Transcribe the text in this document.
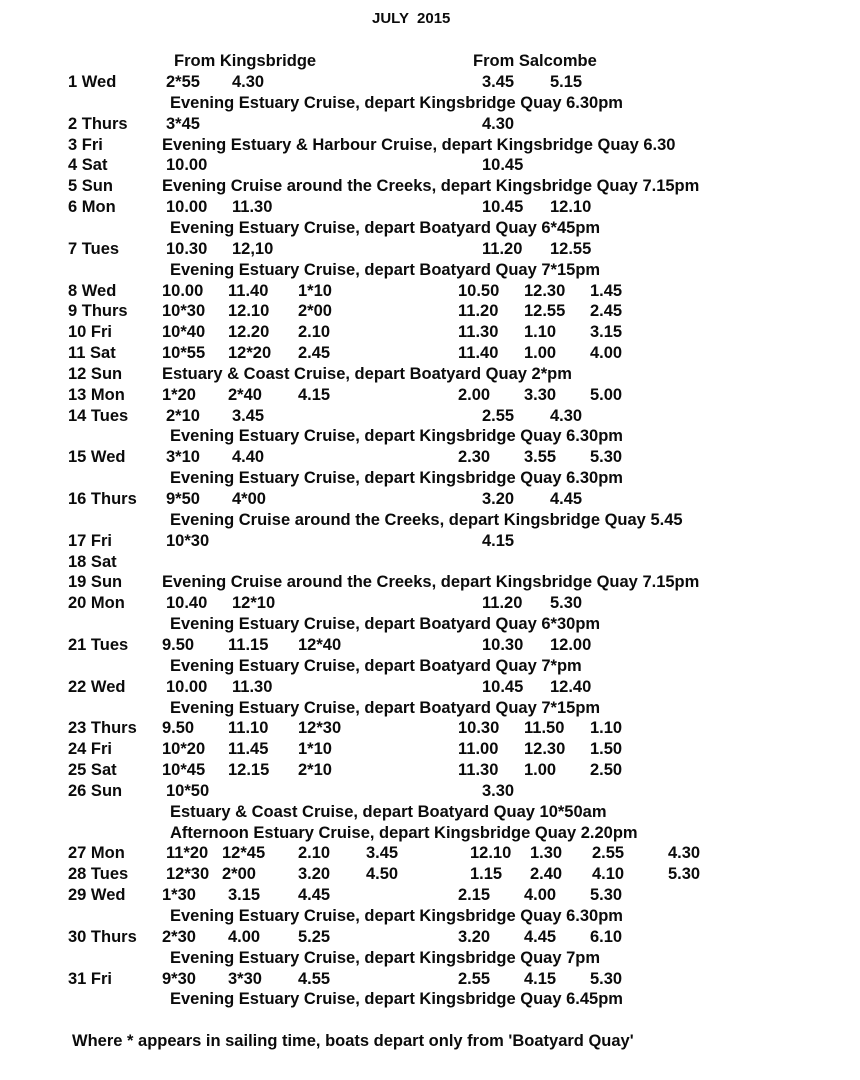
JULY  2015
From Kingsbridge	From Salcombe
1 Wed	2*55 4.30	3.45 5.15
Evening Estuary Cruise, depart Kingsbridge Quay 6.30pm
2 Thurs 3*45	4.30
3 Fri	Evening Estuary & Harbour Cruise, depart Kingsbridge Quay 6.30
4 Sat	10.00	10.45
5 Sun	Evening Cruise around the Creeks, depart Kingsbridge Quay 7.15pm
6 Mon	10.00 11.30	10.45 12.10
Evening Estuary Cruise, depart Boatyard Quay 6*45pm
7 Tues	10.30 12,10	11.20 12.55
Evening Estuary Cruise, depart Boatyard Quay 7*15pm
8 Wed	10.00 11.40 1*10	10.50 12.30 1.45
9 Thurs 10*30 12.10 2*00	11.20 12.55 2.45
10 Fri	10*40 12.20 2.10	11.30 1.10 3.15
11 Sat	10*55 12*20 2.45	11.40 1.00 4.00
12 Sun Estuary & Coast Cruise, depart Boatyard Quay 2*pm
13 Mon 1*20 2*40 4.15	2.00 3.30 5.00
14 Tues 2*10 3.45	2.55 4.30
Evening Estuary Cruise, depart Kingsbridge Quay 6.30pm
15 Wed 3*10 4.40	2.30 3.55 5.30
Evening Estuary Cruise, depart Kingsbridge Quay 6.30pm
16 Thurs 9*50 4*00	3.20 4.45
Evening Cruise around the Creeks, depart Kingsbridge Quay 5.45
17 Fri	10*30	4.15
18 Sat
19 Sun Evening Cruise around the Creeks, depart Kingsbridge Quay 7.15pm
20 Mon 10.40 12*10	11.20 5.30
Evening Estuary Cruise, depart Boatyard Quay 6*30pm
21 Tues 9.50 11.15 12*40	10.30 12.00
Evening Estuary Cruise, depart Boatyard Quay 7*pm
22 Wed 10.00 11.30	10.45 12.40
Evening Estuary Cruise, depart Boatyard Quay 7*15pm
23 Thurs 9.50 11.10 12*30	10.30 11.50 1.10
24 Fri	10*20 11.45 1*10	11.00 12.30 1.50
25 Sat	10*45 12.15 2*10	11.30 1.00 2.50
26 Sun	10*50	3.30
Estuary & Coast Cruise, depart Boatyard Quay 10*50am
Afternoon Estuary Cruise, depart Kingsbridge Quay 2.20pm
27 Mon 11*20 12*45 2.10 3.45	12.10 1.30 2.55	4.30
28 Tues 12*30 2*00	3.20 4.50	1.15 2.40 4.10	5.30
29 Wed 1*30 3.15 4.45	2.15 4.00 5.30
Evening Estuary Cruise, depart Kingsbridge Quay 6.30pm
30 Thurs 2*30 4.00 5.25	3.20 4.45 6.10
Evening Estuary Cruise, depart Kingsbridge Quay 7pm
31 Fri	9*30 3*30 4.55	2.55 4.15 5.30
Evening Estuary Cruise, depart Kingsbridge Quay 6.45pm
Where * appears in sailing time, boats depart only from 'Boatyard Quay'
